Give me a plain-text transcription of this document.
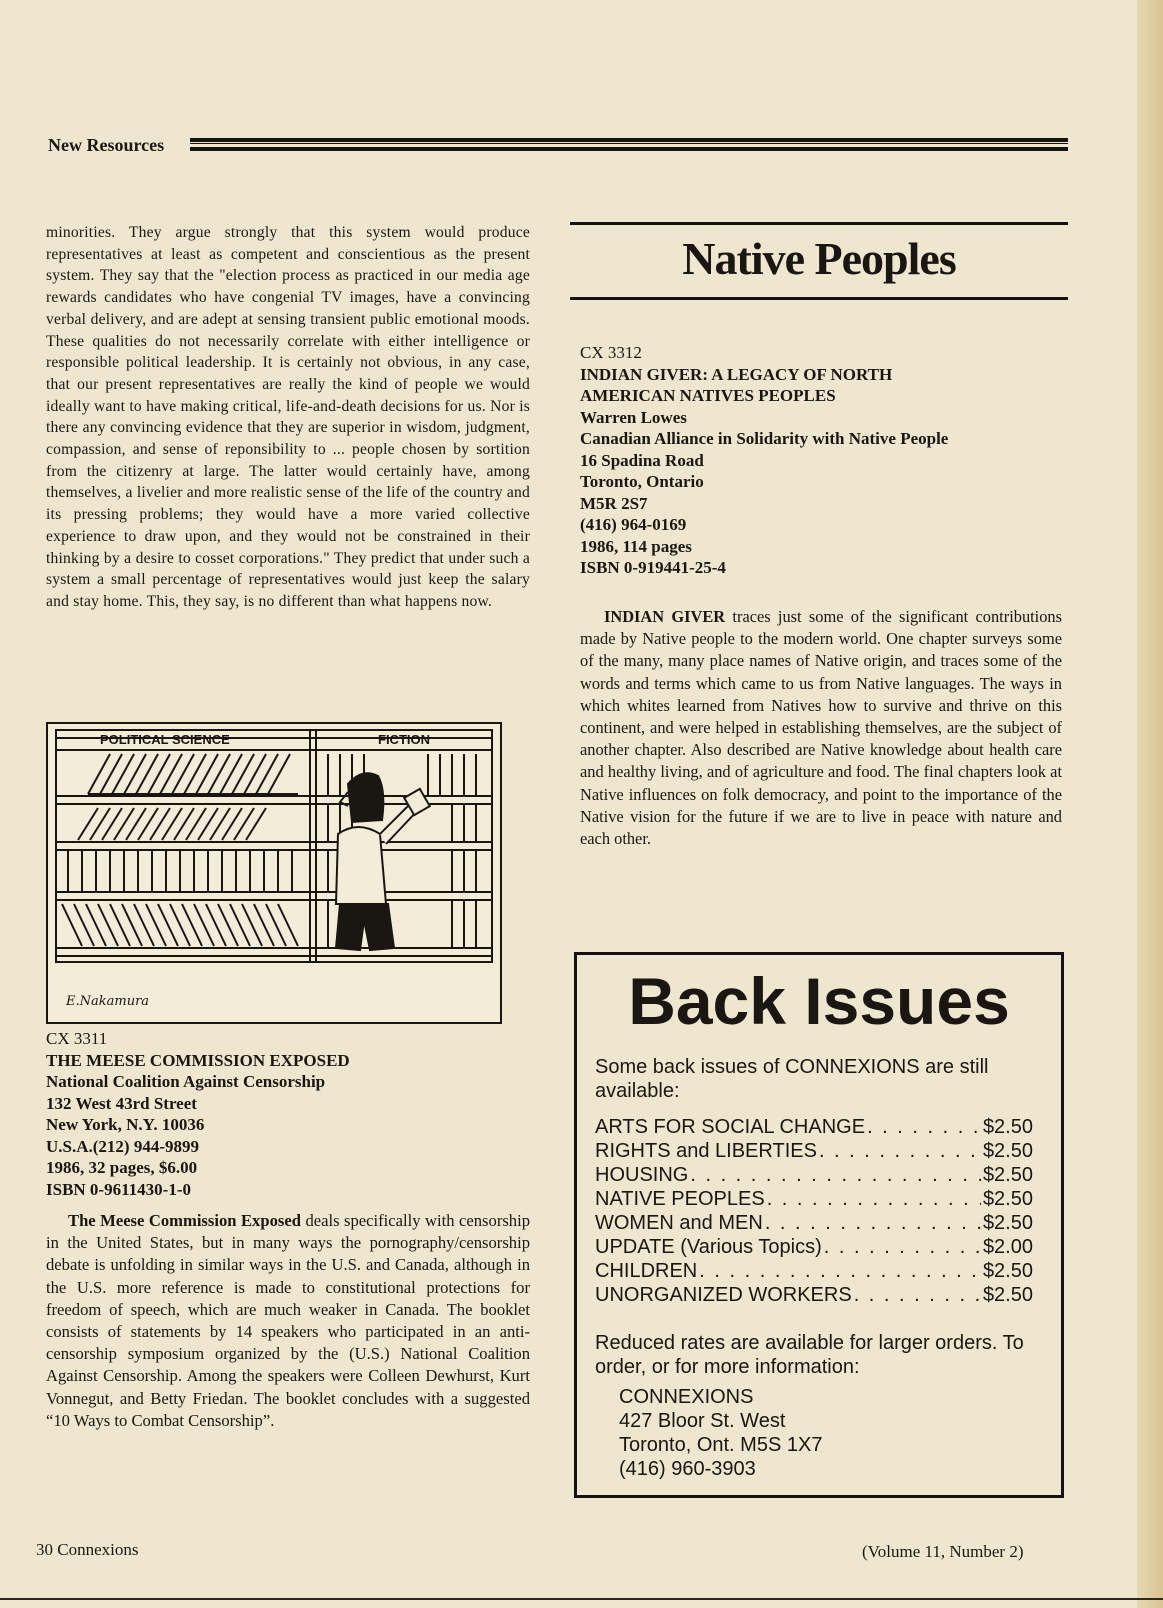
New Resources
minorities. They argue strongly that this system would produce representatives at least as competent and conscientious as the present system. They say that the "election process as practiced in our media age rewards candidates who have congenial TV images, have a convincing verbal delivery, and are adept at sensing transient public emotional moods. These qualities do not necessarily correlate with either intelligence or responsible political leadership. It is certainly not obvious, in any case, that our present representatives are really the kind of people we would ideally want to have making critical, life-and-death decisions for us. Nor is there any convincing evidence that they are superior in wisdom, judgment, compassion, and sense of reponsibility to ... people chosen by sortition from the citizenry at large. The latter would certainly have, among themselves, a livelier and more realistic sense of the life of the country and its pressing problems; they would have a more varied collective experience to draw upon, and they would not be constrained in their thinking by a desire to cosset corporations." They predict that under such a system a small percentage of representatives would just keep the salary and stay home. This, they say, is no different than what happens now.
POLITICAL SCIENCE	FICTION
E.Nakamura
CX 3311
THE MEESE COMMISSION EXPOSED
National Coalition Against Censorship
132 West 43rd Street
New York, N.Y. 10036
U.S.A.(212) 944-9899
1986, 32 pages, $6.00
ISBN 0-9611430-1-0
The Meese Commission Exposed deals specifically with censorship in the United States, but in many ways the pornography/censorship debate is unfolding in similar ways in the U.S. and Canada, although in the U.S. more reference is made to constitutional protections for freedom of speech, which are much weaker in Canada. The booklet consists of statements by 14 speakers who participated in an anti-censorship symposium organized by the (U.S.) National Coalition Against Censorship. Among the speakers were Colleen Dewhurst, Kurt Vonnegut, and Betty Friedan. The booklet concludes with a suggested “10 Ways to Combat Censorship”.
Native Peoples
CX 3312
INDIAN GIVER: A LEGACY OF NORTH
AMERICAN NATIVES PEOPLES
Warren Lowes
Canadian Alliance in Solidarity with Native People
16 Spadina Road
Toronto, Ontario
M5R 2S7
(416) 964-0169
1986, 114 pages
ISBN 0-919441-25-4
INDIAN GIVER traces just some of the significant contributions made by Native people to the modern world. One chapter surveys some of the many, many place names of Native origin, and traces some of the words and terms which came to us from Native languages. The ways in which whites learned from Natives how to survive and thrive on this continent, and were helped in establishing themselves, are the subject of another chapter. Also described are Native knowledge about health care and healthy living, and of agriculture and food. The final chapters look at Native influences on folk democracy, and point to the importance of the Native vision for the future if we are to live in peace with nature and each other.
Back Issues
Some back issues of CONNEXIONS are still available:
ARTS FOR SOCIAL CHANGE . . .	$2.50
RIGHTS and LIBERTIES . . .	$2.50
HOUSING . . .	$2.50
NATIVE PEOPLES . . .	$2.50
WOMEN and MEN . . .	$2.50
UPDATE (Various Topics) . . .	$2.00
CHILDREN . . .	$2.50
UNORGANIZED WORKERS . . .	$2.50
Reduced rates are available for larger orders. To order, or for more information:
CONNEXIONS
427 Bloor St. West
Toronto, Ont. M5S 1X7
(416) 960-3903
30 Connexions	(Volume 11, Number 2)
